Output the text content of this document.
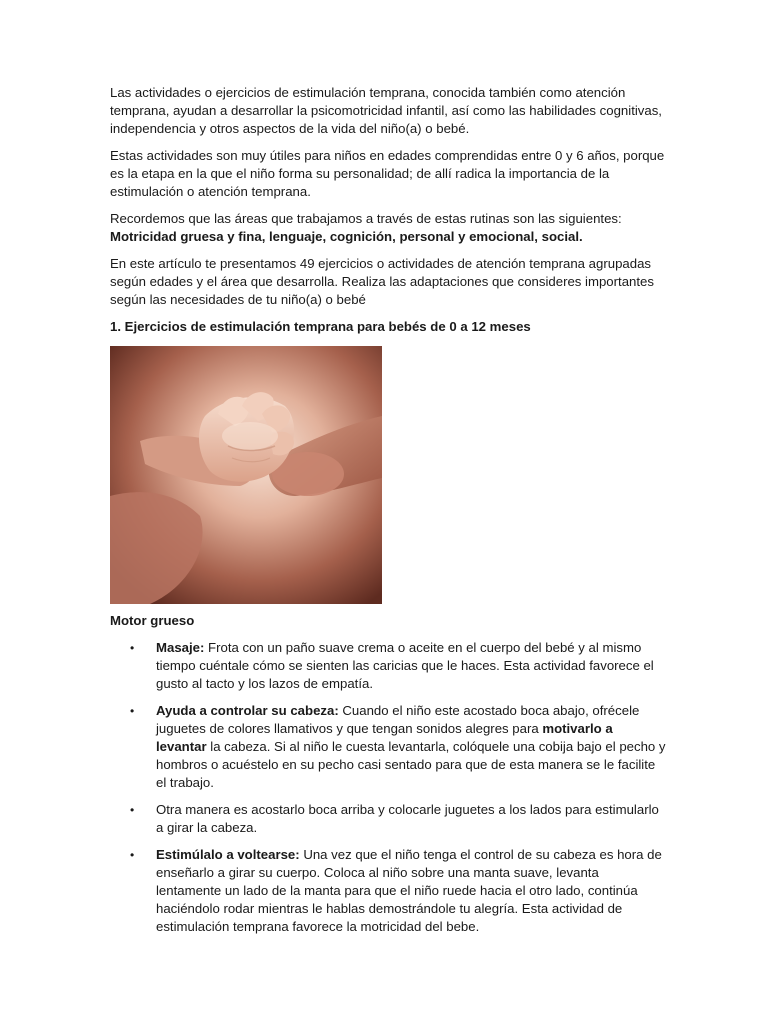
Las actividades o ejercicios de estimulación temprana, conocida también como atención temprana, ayudan a desarrollar la psicomotricidad infantil, así como las habilidades cognitivas, independencia y otros aspectos de la vida del niño(a) o bebé.

Estas actividades son muy útiles para niños en edades comprendidas entre 0 y 6 años, porque es la etapa en la que el niño forma su personalidad; de allí radica la importancia de la estimulación o atención temprana.

Recordemos que las áreas que trabajamos a través de estas rutinas son las siguientes: Motricidad gruesa y fina, lenguaje, cognición, personal y emocional, social.

En este artículo te presentamos 49 ejercicios o actividades de atención temprana agrupadas según edades y el área que desarrolla. Realiza las adaptaciones que consideres importantes según las necesidades de tu niño(a) o bebé

1. Ejercicios de estimulación temprana para bebés de 0 a 12 meses

Motor grueso

• Masaje: Frota con un paño suave crema o aceite en el cuerpo del bebé y al mismo tiempo cuéntale cómo se sienten las caricias que le haces. Esta actividad favorece el gusto al tacto y los lazos de empatía.
• Ayuda a controlar su cabeza: Cuando el niño este acostado boca abajo, ofrécele juguetes de colores llamativos y que tengan sonidos alegres para motivarlo a levantar la cabeza. Si al niño le cuesta levantarla, colóquele una cobija bajo el pecho y hombros o acuéstelo en su pecho casi sentado para que de esta manera se le facilite el trabajo.
• Otra manera es acostarlo boca arriba y colocarle juguetes a los lados para estimularlo a girar la cabeza.
• Estimúlalo a voltearse: Una vez que el niño tenga el control de su cabeza es hora de enseñarlo a girar su cuerpo. Coloca al niño sobre una manta suave, levanta lentamente un lado de la manta para que el niño ruede hacia el otro lado, continúa haciéndolo rodar mientras le hablas demostrándole tu alegría. Esta actividad de estimulación temprana favorece la motricidad del bebe.
